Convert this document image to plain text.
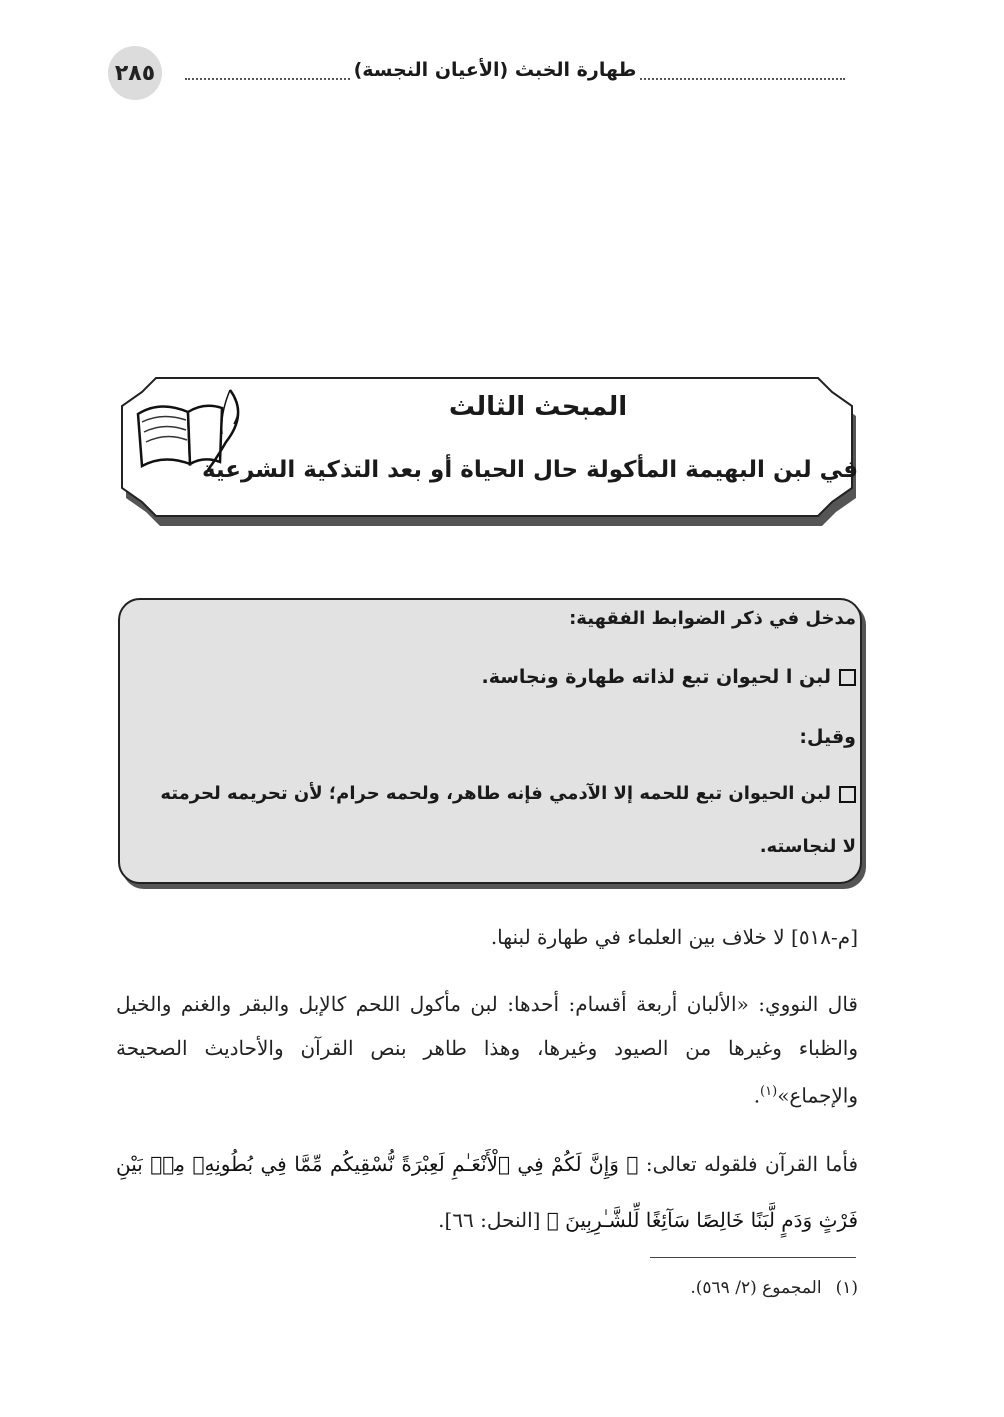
٢٨٥	طهارة الخبث (الأعيان النجسة)
المبحث الثالث
في لبن البهيمة المأكولة حال الحياة أو بعد التذكية الشرعية
مدخل في ذكر الضوابط الفقهية:
لبن ا لحيوان تبع لذاته طهارة ونجاسة.
وقيل:
لبن الحيوان تبع للحمه إلا الآدمي فإنه طاهر، ولحمه حرام؛ لأن تحريمه لحرمته
لا لنجاسته.
[م-٥١٨] لا خلاف بين العلماء في طهارة لبنها.
قال النووي: «الألبان أربعة أقسام: أحدها: لبن مأكول اللحم كالإبل والبقر والغنم والخيل والظباء وغيرها من الصيود وغيرها، وهذا طاهر بنص القرآن والأحاديث الصحيحة والإجماع»$^{(١)}$.
فأما القرآن فلقوله تعالى: ﴿ وَإِنَّ لَكُمْ فِي ٱلْأَنْعَـٰمِ لَعِبْرَةً نُّسْقِيكُم مِّمَّا فِي بُطُونِهِۦ مِنۢ بَيْنِ فَرْثٍ وَدَمٍ لَّبَنًا خَالِصًا سَآئِغًا لِّلشَّـٰرِبِينَ ﴾ [النحل: ٦٦].
(١)المجموع (٢/ ٥٦٩).
